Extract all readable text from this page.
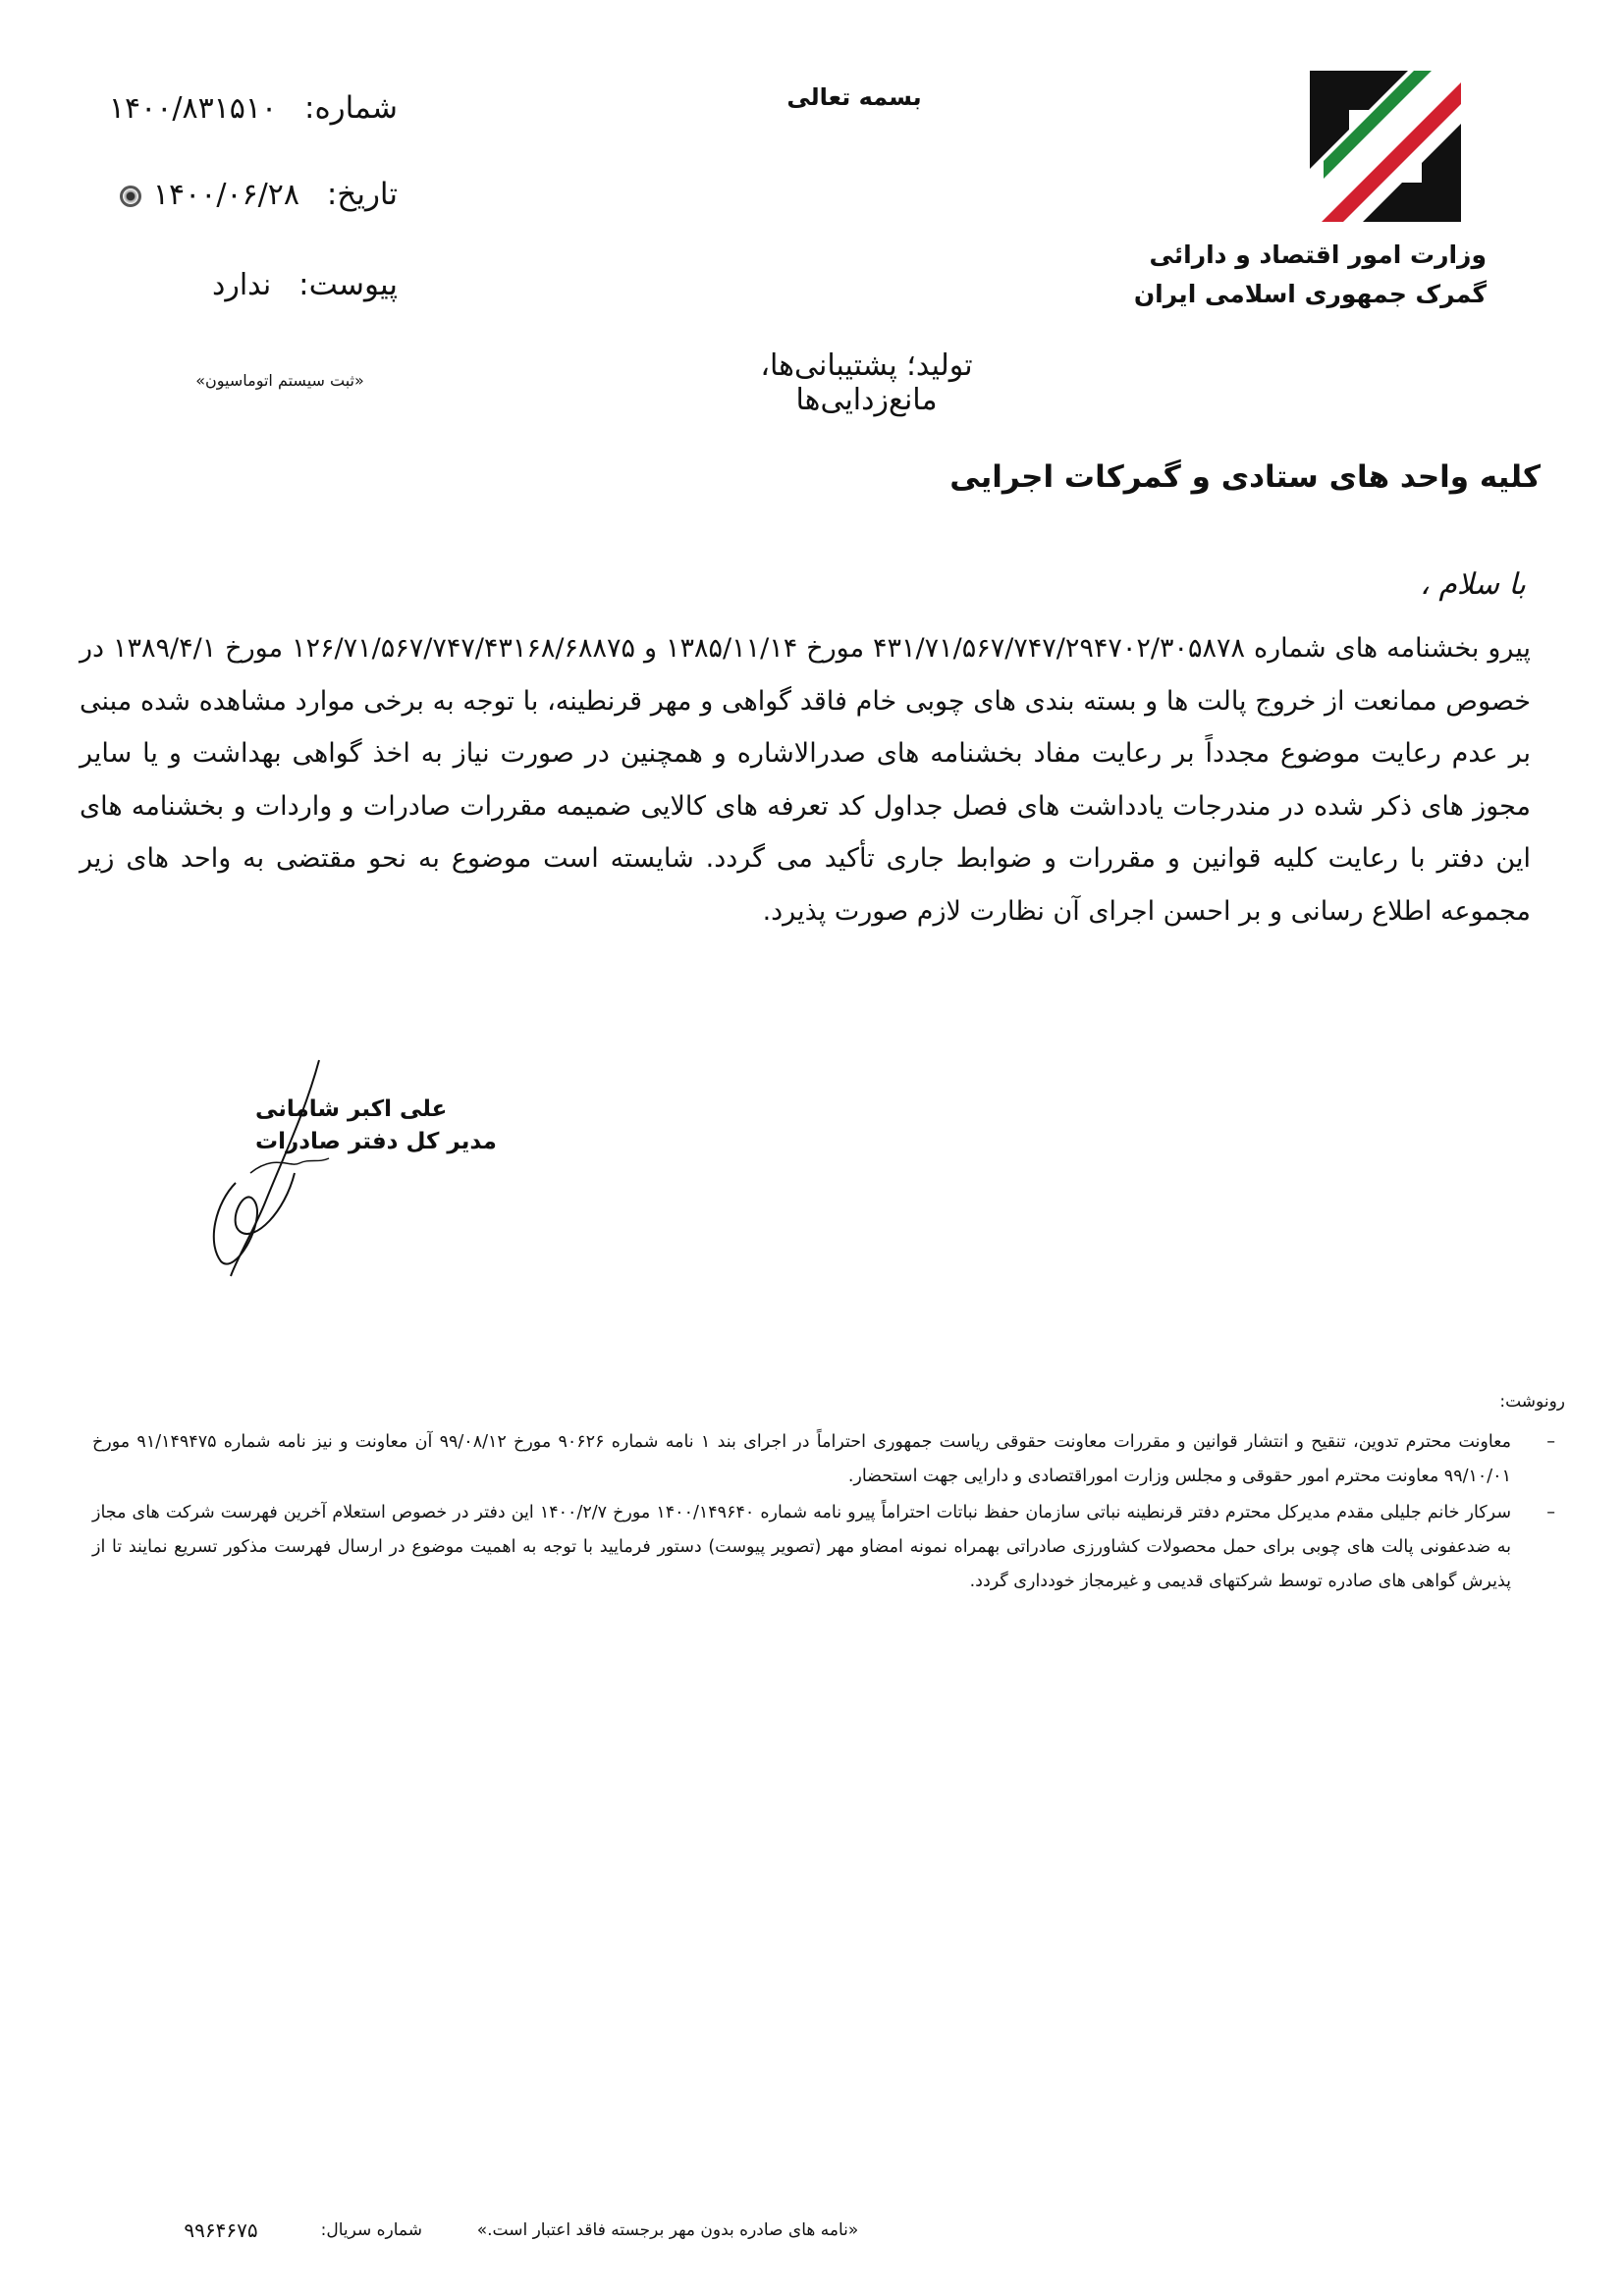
وزارت امور اقتصاد و دارائی
گمرک جمهوری اسلامی ایران
بسمه تعالی
شماره: ۱۴۰۰/۸۳۱۵۱۰
تاریخ: ۱۴۰۰/۰۶/۲۸
پیوست: ندارد
«ثبت سیستم اتوماسیون»	تولید؛ پشتیبانی‌ها، مانع‌زدایی‌ها
کلیه واحد های ستادی و گمرکات اجرایی
با سلام ،
پیرو بخشنامه های شماره ۴۳۱/۷۱/۵۶۷/۷۴۷/۲۹۴۷۰۲/۳۰۵۸۷۸ مورخ ۱۳۸۵/۱۱/۱۴ و ۱۲۶/۷۱/۵۶۷/۷۴۷/۴۳۱۶۸/۶۸۸۷۵ مورخ ۱۳۸۹/۴/۱ در خصوص ممانعت از خروج پالت ها و بسته بندی های چوبی خام فاقد گواهی و مهر قرنطینه، با توجه به برخی موارد مشاهده شده مبنی بر عدم رعایت موضوع مجدداً بر رعایت مفاد بخشنامه های صدرالاشاره و همچنین در صورت نیاز به اخذ گواهی بهداشت و یا سایر مجوز های ذکر شده در مندرجات یادداشت های فصل جداول کد تعرفه های کالایی ضمیمه مقررات صادرات و واردات و بخشنامه های این دفتر با رعایت کلیه قوانین و مقررات و ضوابط جاری تأکید می گردد. شایسته است موضوع به نحو مقتضی به واحد های زیر مجموعه اطلاع رسانی و بر احسن اجرای آن نظارت لازم صورت پذیرد.
علی اکبر شامانی
مدیر کل دفتر صادرات
رونوشت:
–
معاونت محترم تدوین، تنقیح و انتشار قوانین و مقررات معاونت حقوقی ریاست جمهوری احتراماً در اجرای بند ۱ نامه شماره ۹۰۶۲۶ مورخ ۹۹/۰۸/۱۲ آن معاونت و نیز نامه شماره ۹۱/۱۴۹۴۷۵ مورخ ۹۹/۱۰/۰۱ معاونت محترم امور حقوقی و مجلس وزارت اموراقتصادی و دارایی جهت استحضار.
–
سرکار خانم جلیلی مقدم مدیرکل محترم دفتر قرنطینه نباتی سازمان حفظ نباتات احتراماً پیرو نامه شماره ۱۴۰۰/۱۴۹۶۴۰ مورخ ۱۴۰۰/۲/۷ این دفتر در خصوص استعلام آخرین فهرست شرکت های مجاز به ضدعفونی پالت های چوبی برای حمل محصولات کشاورزی صادراتی بهمراه نمونه امضاو مهر (تصویر پیوست) دستور فرمایید با توجه به اهمیت موضوع در ارسال فهرست مذکور تسریع نمایند تا از پذیرش گواهی های صادره توسط شرکتهای قدیمی و غیرمجاز خودداری گردد.
«نامه های صادره بدون مهر برجسته فاقد اعتبار است.»
شماره سریال:
۹۹۶۴۶۷۵
